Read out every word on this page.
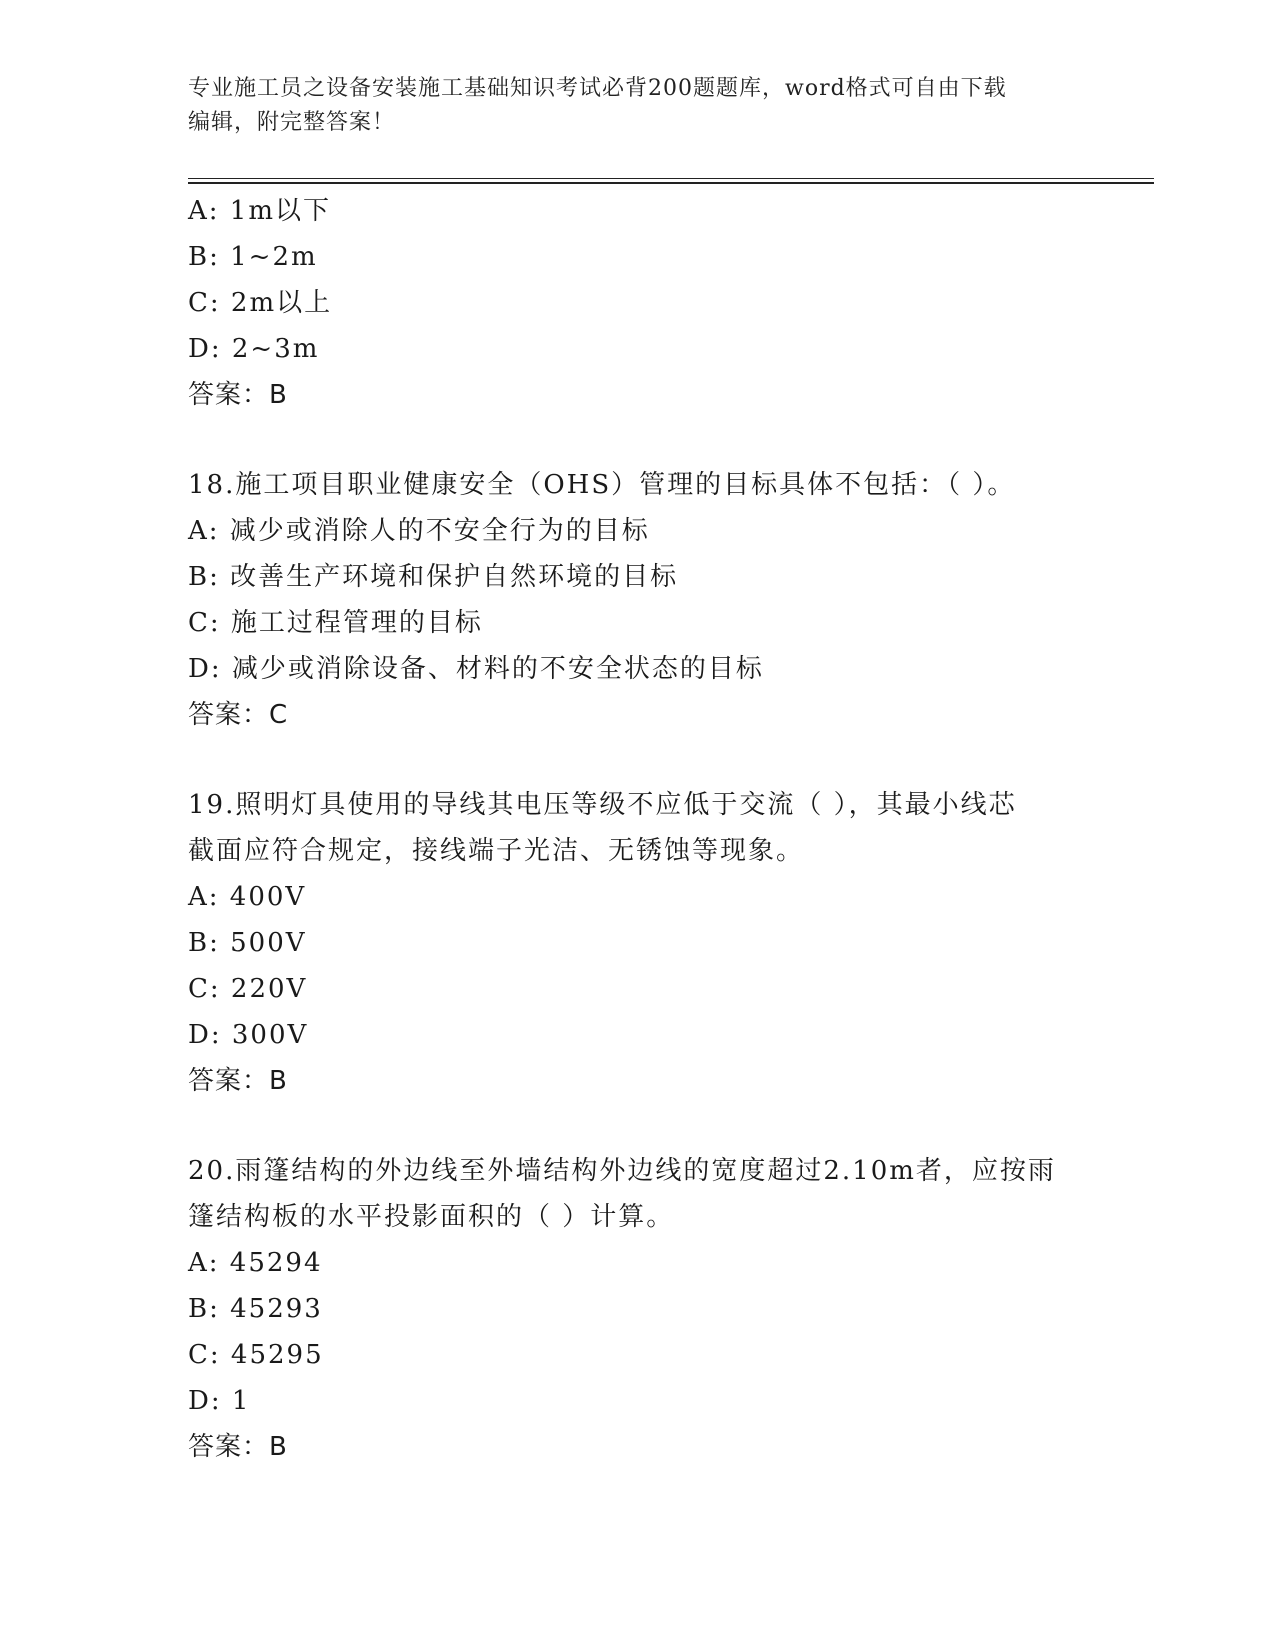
专业施工员之设备安装施工基础知识考试必背200题题库，word格式可自由下载
编辑，附完整答案！
A: 1m以下
B: 1~2m
C: 2m以上
D: 2~3m
答案：B
18.施工项目职业健康安全（OHS）管理的目标具体不包括：（ ）。
A: 减少或消除人的不安全行为的目标
B: 改善生产环境和保护自然环境的目标
C: 施工过程管理的目标
D: 减少或消除设备、材料的不安全状态的目标
答案：C
19.照明灯具使用的导线其电压等级不应低于交流（ ），其最小线芯
截面应符合规定，接线端子光洁、无锈蚀等现象。
A: 400V
B: 500V
C: 220V
D: 300V
答案：B
20.雨篷结构的外边线至外墙结构外边线的宽度超过2.10m者，应按雨
篷结构板的水平投影面积的（ ）计算。
A: 45294
B: 45293
C: 45295
D: 1
答案：B
